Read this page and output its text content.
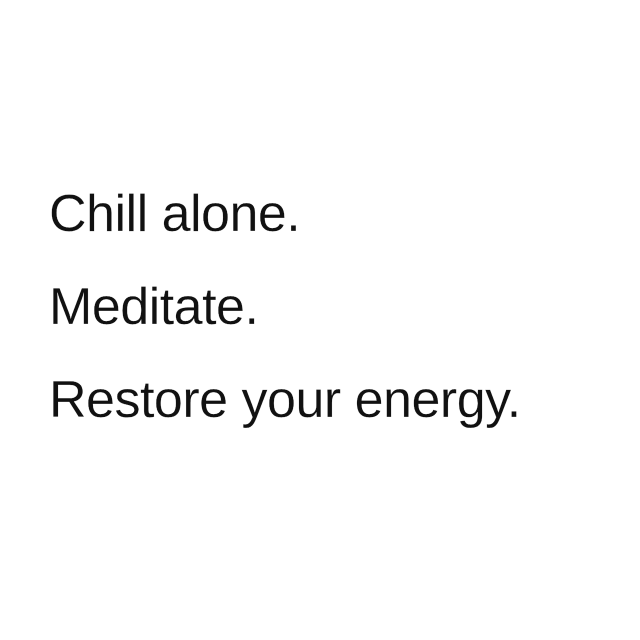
Chill alone.
Meditate.
Restore your energy.
